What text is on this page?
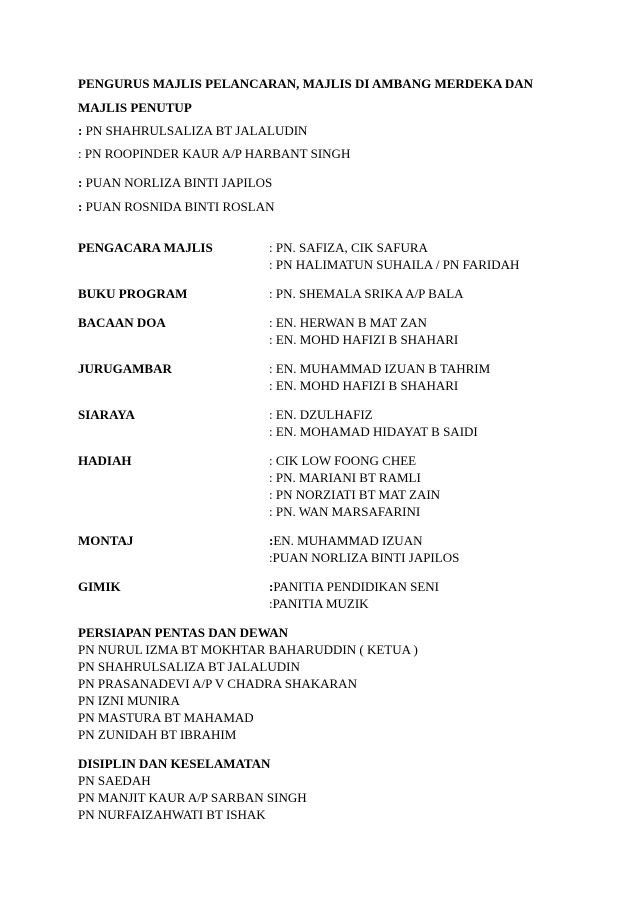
PENGURUS MAJLIS PELANCARAN, MAJLIS DI AMBANG MERDEKA DAN
MAJLIS PENUTUP
: PN SHAHRULSALIZA BT JALALUDIN
: PN ROOPINDER KAUR A/P HARBANT SINGH
: PUAN NORLIZA BINTI JAPILOS
: PUAN ROSNIDA BINTI ROSLAN
PENGACARA MAJLIS	: PN. SAFIZA, CIK SAFURA
: PN HALIMATUN SUHAILA / PN FARIDAH
BUKU PROGRAM	: PN. SHEMALA SRIKA A/P BALA
BACAAN DOA	: EN. HERWAN B MAT ZAN
: EN. MOHD HAFIZI B SHAHARI
JURUGAMBAR	: EN. MUHAMMAD IZUAN B TAHRIM
: EN. MOHD HAFIZI B SHAHARI
SIARAYA	: EN. DZULHAFIZ
: EN. MOHAMAD HIDAYAT B SAIDI
HADIAH	: CIK LOW FOONG CHEE
: PN. MARIANI BT RAMLI
: PN NORZIATI BT MAT ZAIN
: PN. WAN MARSAFARINI
MONTAJ	:EN. MUHAMMAD IZUAN
:PUAN NORLIZA BINTI JAPILOS
GIMIK	:PANITIA PENDIDIKAN SENI
:PANITIA MUZIK
PERSIAPAN PENTAS DAN DEWAN
PN NURUL IZMA BT MOKHTAR BAHARUDDIN ( KETUA )
PN SHAHRULSALIZA BT JALALUDIN
PN PRASANADEVI A/P V CHADRA SHAKARAN
PN IZNI MUNIRA
PN MASTURA BT MAHAMAD
PN ZUNIDAH BT IBRAHIM
DISIPLIN DAN KESELAMATAN
PN SAEDAH
PN MANJIT KAUR A/P SARBAN SINGH
PN NURFAIZAHWATI BT ISHAK
